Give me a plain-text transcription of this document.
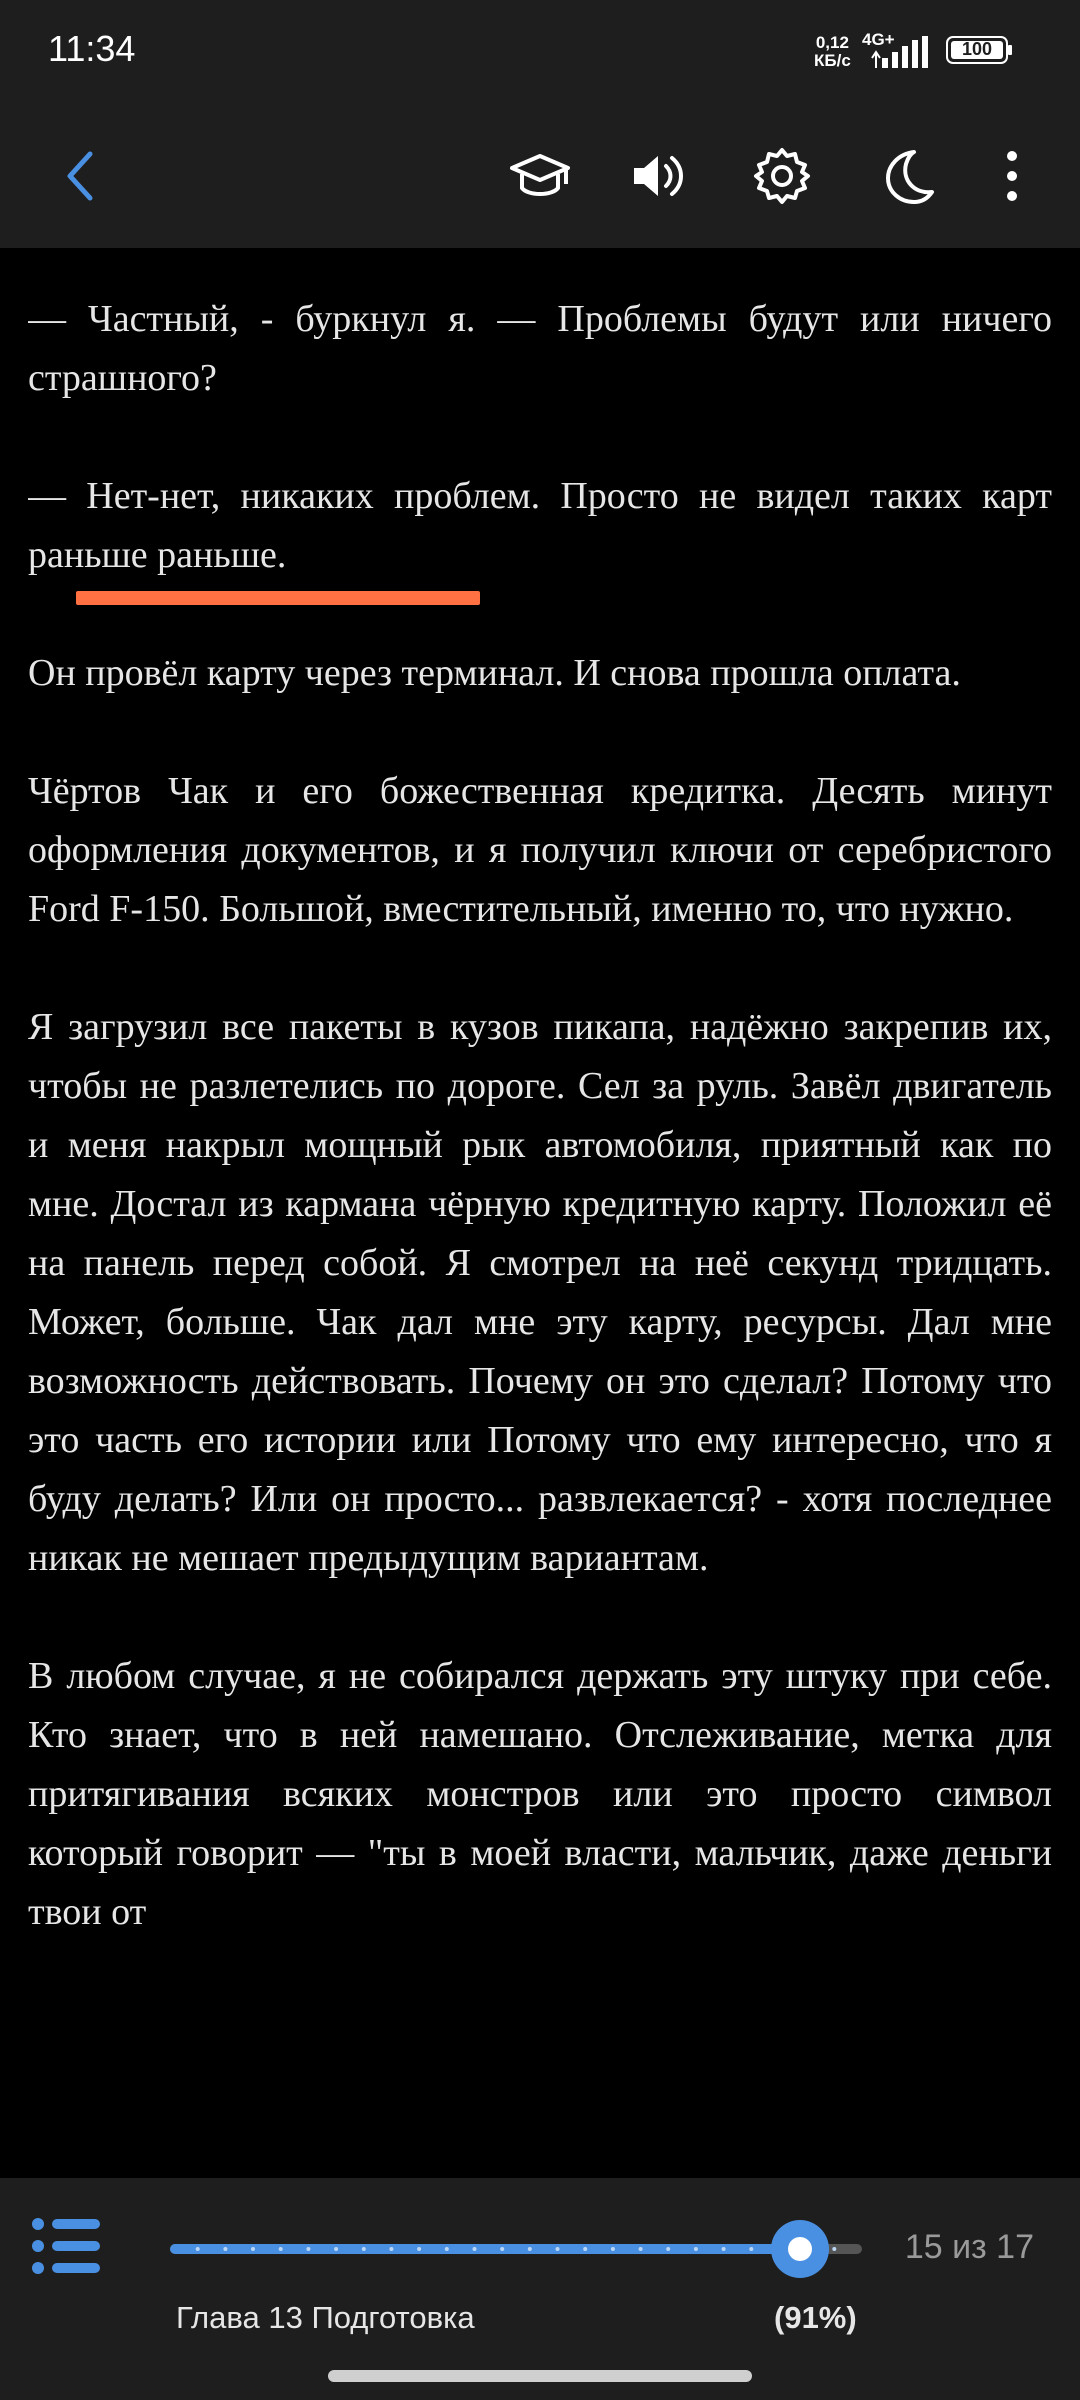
11:34	0,12
КБ/с
4G+	100

— Частный, - буркнул я. — Проблемы будут или ничего страшного?

— Нет-нет, никаких проблем. Просто не видел таких карт раньше раньше.

Он провёл карту через терминал. И снова прошла оплата.

Чёртов Чак и его божественная кредитка. Десять минут оформления документов, и я получил ключи от серебристого Ford F-150. Большой, вместительный, именно то, что нужно.

Я загрузил все пакеты в кузов пикапа, надёжно закрепив их, чтобы не разлетелись по дороге. Сел за руль. Завёл двигатель и меня накрыл мощный рык автомобиля, приятный как по мне. Достал из кармана чёрную кредитную карту. Положил её на панель перед собой. Я смотрел на неё секунд тридцать. Может, больше. Чак дал мне эту карту, ресурсы. Дал мне возможность действовать. Почему он это сделал? Потому что это часть его истории или Потому что ему интересно, что я буду делать? Или он просто... развлекается? - хотя последнее никак не мешает предыдущим вариантам.

В любом случае, я не собирался держать эту штуку при себе. Кто знает, что в ней намешано. Отслеживание, метка для притягивания всяких монстров или это просто символ который говорит — "ты в моей власти, мальчик, даже деньги твои от

15 из 17
Глава 13 Подготовка	(91%)
